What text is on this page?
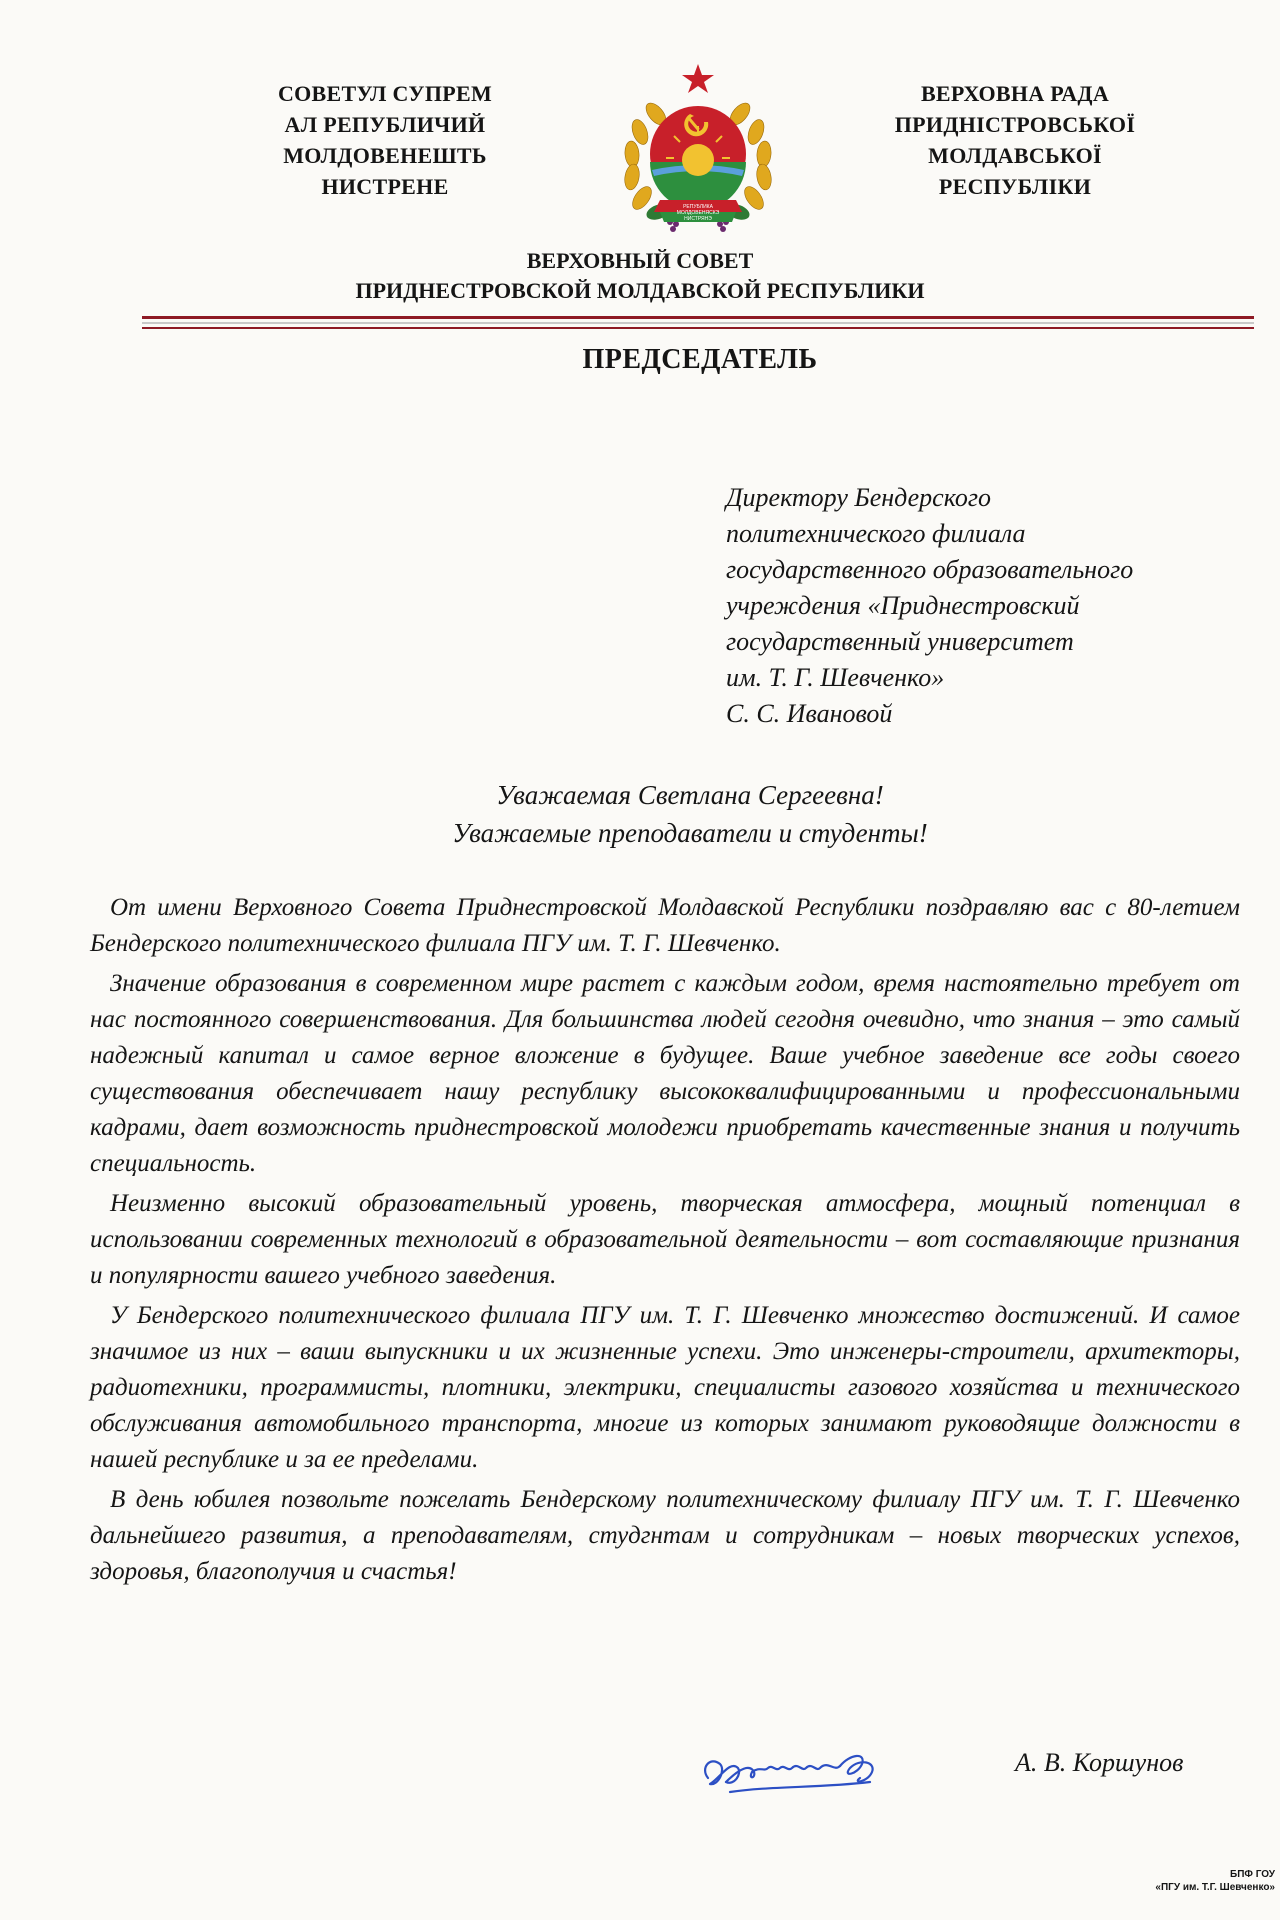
СОВЕТУЛ СУПРЕМ
АЛ РЕПУБЛИЧИЙ
МОЛДОВЕНЕШТЬ
НИСТРЕНЕ
РЕПУБЛИКА
МОЛДОВЕНЯСКЭ
НИСТРЯНЭ
ВЕРХОВНА РАДА
ПРИДНІСТРОВСЬКОЇ
МОЛДАВСЬКОЇ
РЕСПУБЛІКИ
ВЕРХОВНЫЙ СОВЕТ
ПРИДНЕСТРОВСКОЙ МОЛДАВСКОЙ РЕСПУБЛИКИ
ПРЕДСЕДАТЕЛЬ
Директору Бендерского
политехнического филиала
государственного образовательного
учреждения «Приднестровский
государственный университет
им. Т. Г. Шевченко»
С. С. Ивановой
Уважаемая Светлана Сергеевна!
Уважаемые преподаватели и студенты!

От имени Верховного Совета Приднестровской Молдавской Республики поздравляю вас с 80-летием Бендерского политехнического филиала ПГУ им. Т. Г. Шевченко.

Значение образования в современном мире растет с каждым годом, время настоятельно требует от нас постоянного совершенствования. Для большинства людей сегодня очевидно, что знания – это самый надежный капитал и самое верное вложение в будущее. Ваше учебное заведение все годы своего существования обеспечивает нашу республику высококвалифицированными и профессиональными кадрами, дает возможность приднестровской молодежи приобретать качественные знания и получить специальность.

Неизменно высокий образовательный уровень, творческая атмосфера, мощный потенциал в использовании современных технологий в образовательной деятельности – вот составляющие признания и популярности вашего учебного заведения.

У Бендерского политехнического филиала ПГУ им. Т. Г. Шевченко множество достижений. И самое значимое из них – ваши выпускники и их жизненные успехи. Это инженеры-строители, архитекторы, радиотехники, программисты, плотники, электрики, специалисты газового хозяйства и технического обслуживания автомобильного транспорта, многие из которых занимают руководящие должности в нашей республике и за ее пределами.

В день юбилея позвольте пожелать Бендерскому политехническому филиалу ПГУ им. Т. Г. Шевченко дальнейшего развития, а преподавателям, студгнтам и сотрудникам – новых творческих успехов, здоровья, благополучия и счастья!

А. В. Коршунов
БПФ ГОУ
«ПГУ им. Т.Г. Шевченко»
